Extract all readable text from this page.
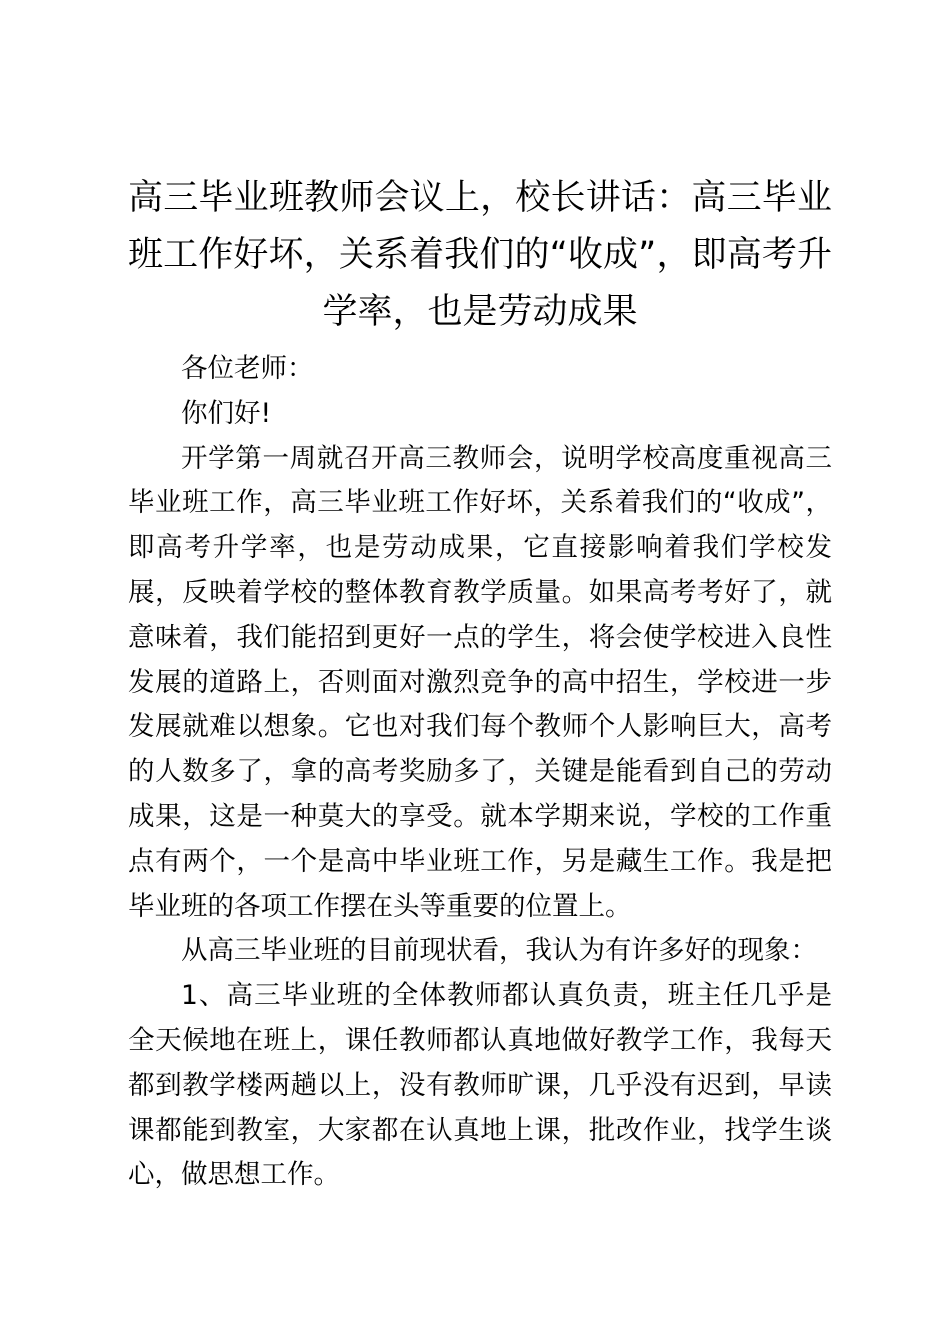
高三毕业班教师会议上，校长讲话：高三毕业班工作好坏，关系着我们的“收成”，即高考升学率，也是劳动成果

各位老师：

你们好!

开学第一周就召开高三教师会，说明学校高度重视高三毕业班工作，高三毕业班工作好坏，关系着我们的“收成”，即高考升学率，也是劳动成果，它直接影响着我们学校发展，反映着学校的整体教育教学质量。如果高考考好了，就意味着，我们能招到更好一点的学生，将会使学校进入良性发展的道路上，否则面对激烈竞争的高中招生，学校进一步发展就难以想象。它也对我们每个教师个人影响巨大，高考的人数多了，拿的高考奖励多了，关键是能看到自己的劳动成果，这是一种莫大的享受。就本学期来说，学校的工作重点有两个，一个是高中毕业班工作，另是藏生工作。我是把毕业班的各项工作摆在头等重要的位置上。

从高三毕业班的目前现状看，我认为有许多好的现象：

1、高三毕业班的全体教师都认真负责，班主任几乎是全天候地在班上，课任教师都认真地做好教学工作，我每天都到教学楼两趟以上，没有教师旷课，几乎没有迟到，早读课都能到教室，大家都在认真地上课，批改作业，找学生谈心，做思想工作。
